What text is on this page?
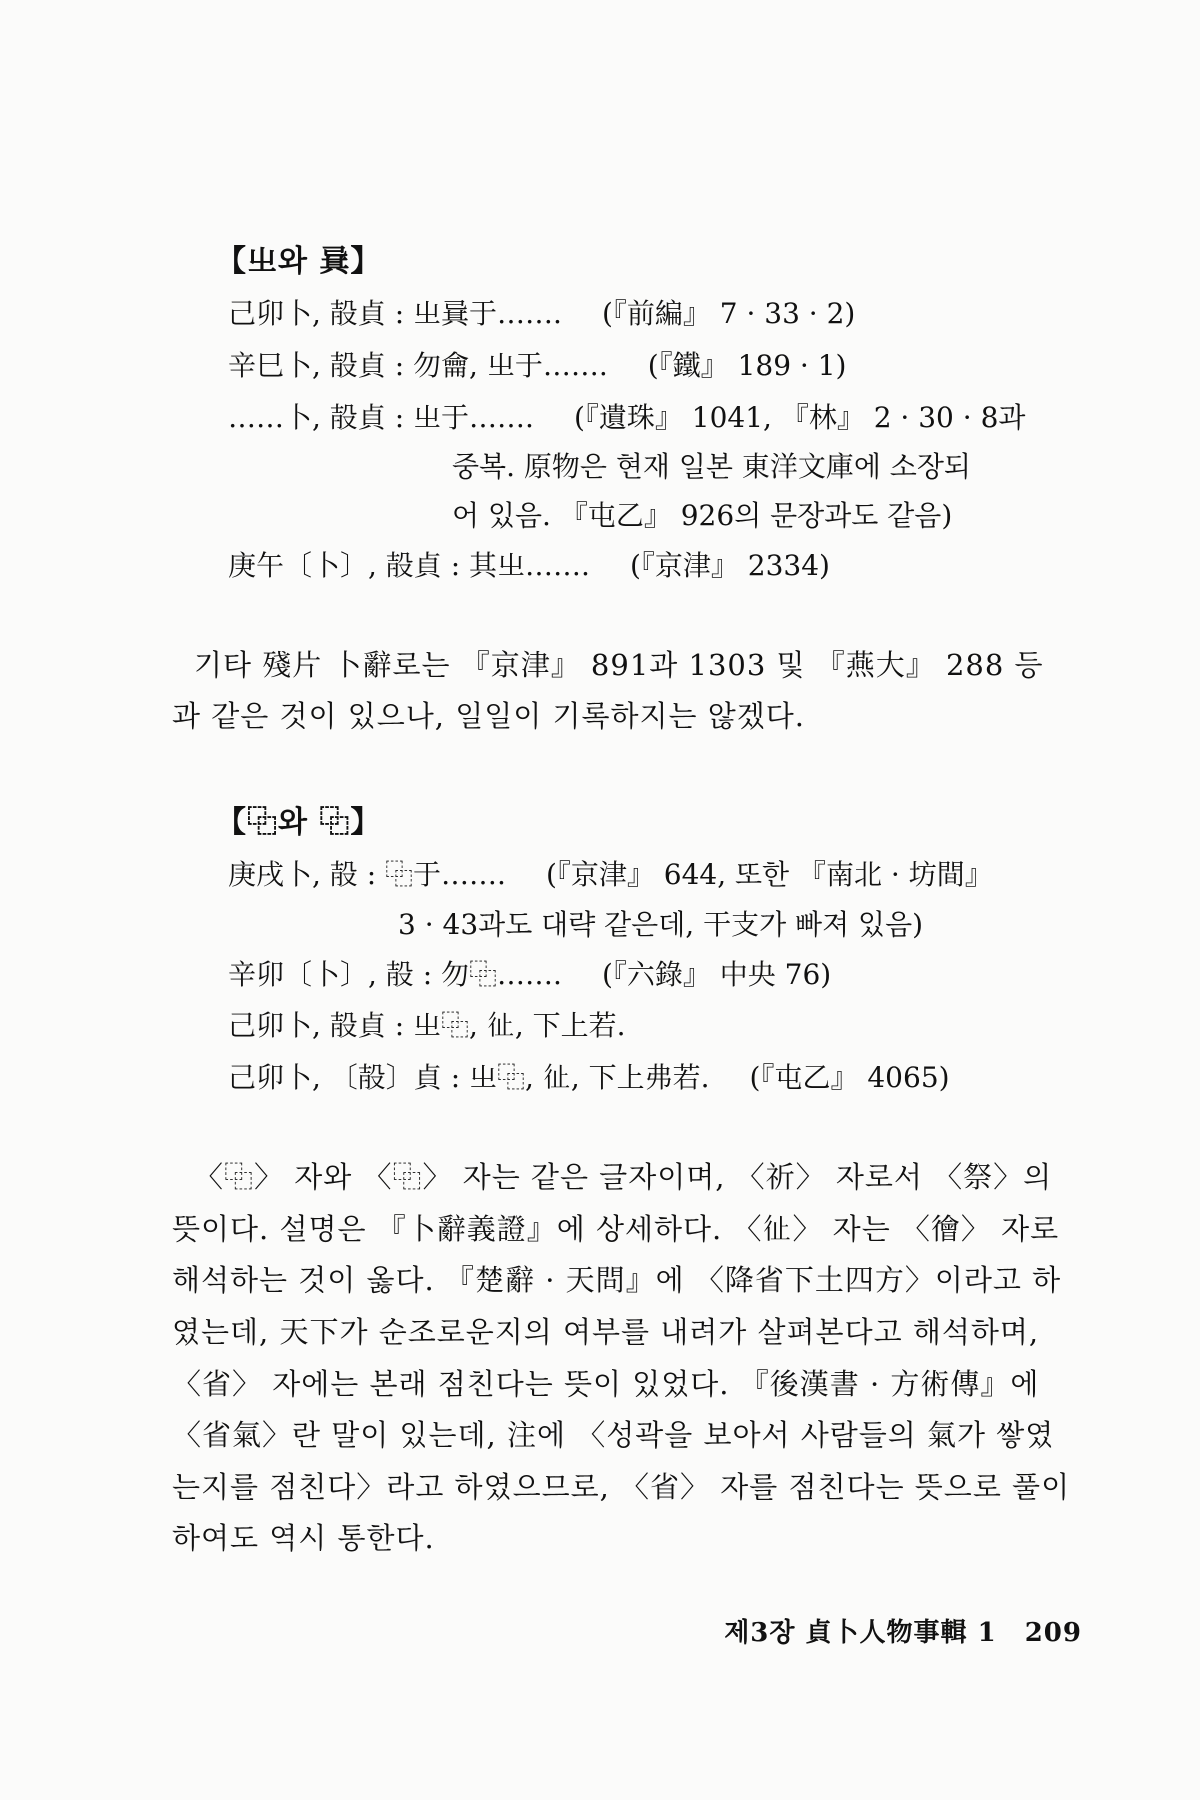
【㞢와 㠱】
己卯卜, 㱿貞 : 㞢㠱于……. (『前編』 7 · 33 · 2)
辛巳卜, 㱿貞 : 勿龠, 㞢于……. (『鐵』 189 · 1)
……卜, 㱿貞 : 㞢于……. (『遺珠』 1041, 『林』 2 · 30 · 8과
중복. 原物은 현재 일본 東洋文庫에 소장되
어 있음. 『屯乙』 926의 문장과도 같음)
庚午〔卜〕, 㱿貞 : 其㞢……. (『京津』 2334)

기타 殘片 卜辭로는 『京津』 891과 1303 및 『燕大』 288 등과 같은 것이 있으나, 일일이 기록하지는 않겠다.

【⿻와 ⿻】
庚戌卜, 㱿 : ⿻于……. (『京津』 644, 또한 『南北 · 坊間』
3 · 43과도 대략 같은데, 干支가 빠져 있음)
辛卯〔卜〕, 㱿 : 勿⿻……. (『六錄』 中央 76)
己卯卜, 㱿貞 : 㞢⿻, 𢓊, 下上若.
己卯卜, 〔㱿〕貞 : 㞢⿻, 𢓊, 下上弗若. (『屯乙』 4065)

〈⿻〉 자와 〈⿻〉 자는 같은 글자이며, 〈祈〉 자로서 〈祭〉의 뜻이다. 설명은 『卜辭義證』에 상세하다. 〈𢓊〉 자는 〈徻〉 자로 해석하는 것이 옳다. 『楚辭 · 天問』에 〈降省下土四方〉이라고 하였는데, 天下가 순조로운지의 여부를 내려가 살펴본다고 해석하며, 〈省〉 자에는 본래 점친다는 뜻이 있었다. 『後漢書 · 方術傳』에 〈省氣〉란 말이 있는데, 注에 〈성곽을 보아서 사람들의 氣가 쌓였는지를 점친다〉라고 하였으므로, 〈省〉 자를 점친다는 뜻으로 풀이하여도 역시 통한다.

제3장 貞卜人物事輯 1 209
